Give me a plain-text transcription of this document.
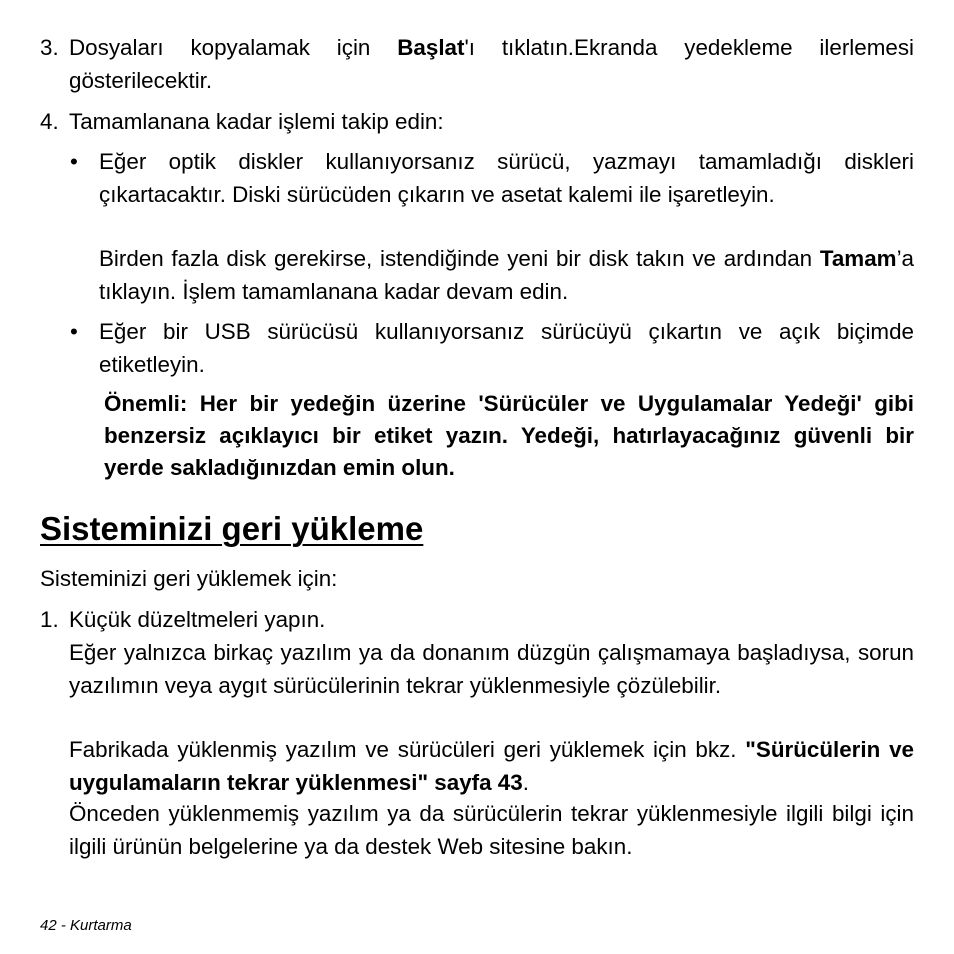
3. Dosyaları kopyalamak için Başlat'ı tıklatın.Ekranda yedekleme ilerlemesi gösterilecektir.
4. Tamamlanana kadar işlemi takip edin:
• Eğer optik diskler kullanıyorsanız sürücü, yazmayı tamamladığı diskleri çıkartacaktır. Diski sürücüden çıkarın ve asetat kalemi ile işaretleyin.
Birden fazla disk gerekirse, istendiğinde yeni bir disk takın ve ardından Tamam’a tıklayın. İşlem tamamlanana kadar devam edin.
• Eğer bir USB sürücüsü kullanıyorsanız sürücüyü çıkartın ve açık biçimde etiketleyin.
Önemli: Her bir yedeğin üzerine 'Sürücüler ve Uygulamalar Yedeği' gibi benzersiz açıklayıcı bir etiket yazın. Yedeği, hatırlayacağınız güvenli bir yerde sakladığınızdan emin olun.
Sisteminizi geri yükleme
Sisteminizi geri yüklemek için:
1. Küçük düzeltmeleri yapın.
Eğer yalnızca birkaç yazılım ya da donanım düzgün çalışmamaya başladıysa, sorun yazılımın veya aygıt sürücülerinin tekrar yüklenmesiyle çözülebilir.
Fabrikada yüklenmiş yazılım ve sürücüleri geri yüklemek için bkz. "Sürücülerin ve uygulamaların tekrar yüklenmesi" sayfa 43.
Önceden yüklenmemiş yazılım ya da sürücülerin tekrar yüklenmesiyle ilgili bilgi için ilgili ürünün belgelerine ya da destek Web sitesine bakın.
42 - Kurtarma
